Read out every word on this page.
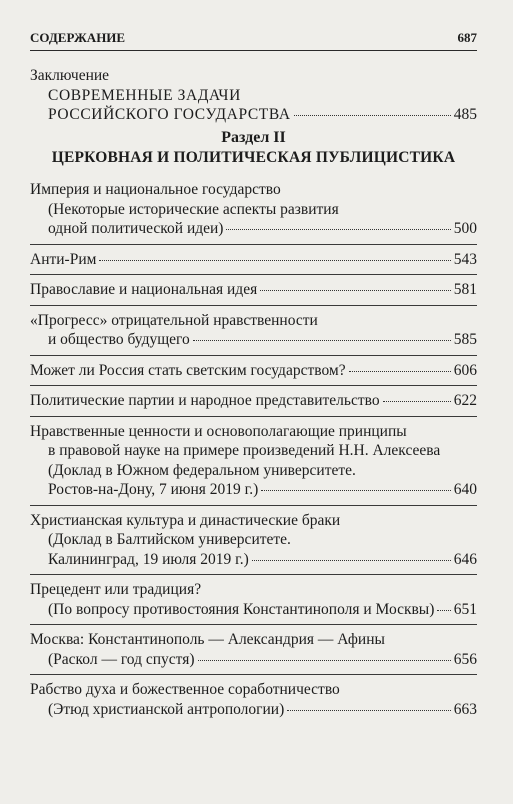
СОДЕРЖАНИЕ	687
Заключение
СОВРЕМЕННЫЕ ЗАДАЧИ
РОССИЙСКОГО ГОСУДАРСТВА	485
Раздел II
ЦЕРКОВНАЯ И ПОЛИТИЧЕСКАЯ ПУБЛИЦИСТИКА
Империя и национальное государство
(Некоторые исторические аспекты развития
одной политической идеи)	500
Анти-Рим	543
Православие и национальная идея	581
«Прогресс» отрицательной нравственности
и общество будущего	585
Может ли Россия стать светским государством?	606
Политические партии и народное представительство	622
Нравственные ценности и основополагающие принципы
в правовой науке на примере произведений Н.Н. Алексеева
(Доклад в Южном федеральном университете.
Ростов-на-Дону, 7 июня 2019 г.)	640
Христианская культура и династические браки
(Доклад в Балтийском университете.
Калининград, 19 июля 2019 г.)	646
Прецедент или традиция?
(По вопросу противостояния Константинополя и Москвы) 651
Москва: Константинополь — Александрия — Афины
(Раскол — год спустя)	656
Рабство духа и божественное соработничество
(Этюд христианской антропологии)	663
